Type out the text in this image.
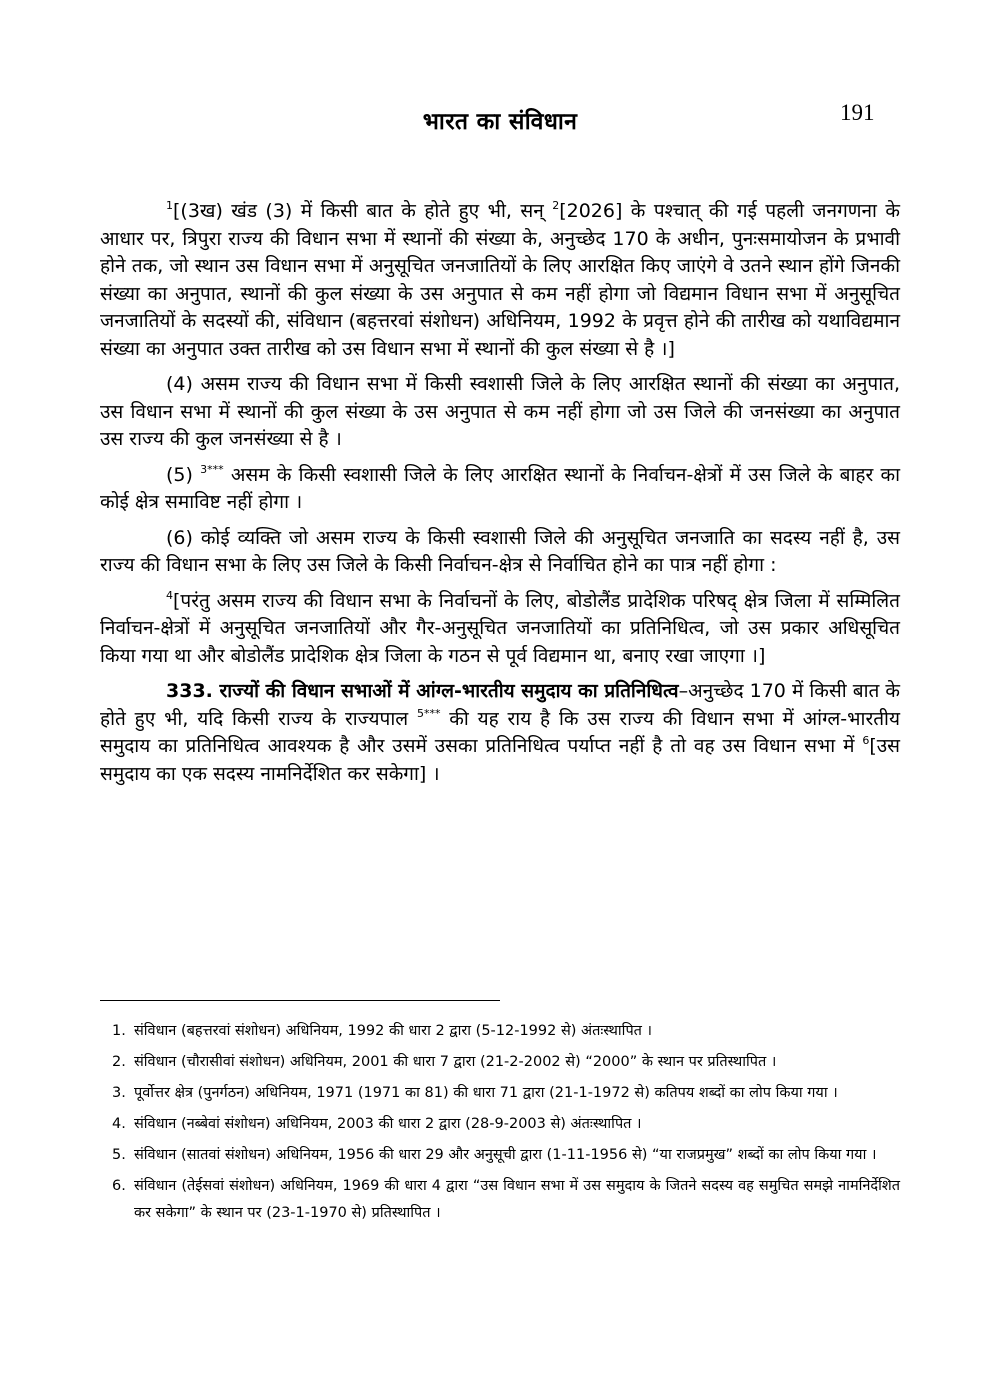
भारत का संविधान	191

$^1$[(3ख) खंड (3) में किसी बात के होते हुए भी, सन् $^2$[2026] के पश्चात् की गई पहली जनगणना के आधार पर, त्रिपुरा राज्य की विधान सभा में स्थानों की संख्या के, अनुच्छेद 170 के अधीन, पुनःसमायोजन के प्रभावी होने तक, जो स्थान उस विधान सभा में अनुसूचित जनजातियों के लिए आरक्षित किए जाएंगे वे उतने स्थान होंगे जिनकी संख्या का अनुपात, स्थानों की कुल संख्या के उस अनुपात से कम नहीं होगा जो विद्यमान विधान सभा में अनुसूचित जनजातियों के सदस्यों की, संविधान (बहत्तरवां संशोधन) अधिनियम, 1992 के प्रवृत्त होने की तारीख को यथाविद्यमान संख्या का अनुपात उक्त तारीख को उस विधान सभा में स्थानों की कुल संख्या से है ।]

(4) असम राज्य की विधान सभा में किसी स्वशासी जिले के लिए आरक्षित स्थानों की संख्या का अनुपात, उस विधान सभा में स्थानों की कुल संख्या के उस अनुपात से कम नहीं होगा जो उस जिले की जनसंख्या का अनुपात उस राज्य की कुल जनसंख्या से है ।

(5) $^{3***}$ असम के किसी स्वशासी जिले के लिए आरक्षित स्थानों के निर्वाचन-क्षेत्रों में उस जिले के बाहर का कोई क्षेत्र समाविष्ट नहीं होगा ।

(6) कोई व्यक्ति जो असम राज्य के किसी स्वशासी जिले की अनुसूचित जनजाति का सदस्य नहीं है, उस राज्य की विधान सभा के लिए उस जिले के किसी निर्वाचन-क्षेत्र से निर्वाचित होने का पात्र नहीं होगा :

$^4$[परंतु असम राज्य की विधान सभा के निर्वाचनों के लिए, बोडोलैंड प्रादेशिक परिषद् क्षेत्र जिला में सम्मिलित निर्वाचन-क्षेत्रों में अनुसूचित जनजातियों और गैर-अनुसूचित जनजातियों का प्रतिनिधित्व, जो उस प्रकार अधिसूचित किया गया था और बोडोलैंड प्रादेशिक क्षेत्र जिला के गठन से पूर्व विद्यमान था, बनाए रखा जाएगा ।]

333. राज्यों की विधान सभाओं में आंग्ल-भारतीय समुदाय का प्रतिनिधित्व–अनुच्छेद 170 में किसी बात के होते हुए भी, यदि किसी राज्य के राज्यपाल $^{5***}$ की यह राय है कि उस राज्य की विधान सभा में आंग्ल-भारतीय समुदाय का प्रतिनिधित्व आवश्यक है और उसमें उसका प्रतिनिधित्व पर्याप्त नहीं है तो वह उस विधान सभा में $^6$[उस समुदाय का एक सदस्य नामनिर्देशित कर सकेगा] ।

1. संविधान (बहत्तरवां संशोधन) अधिनियम, 1992 की धारा 2 द्वारा (5-12-1992 से) अंतःस्थापित ।
2. संविधान (चौरासीवां संशोधन) अधिनियम, 2001 की धारा 7 द्वारा (21-2-2002 से) “2000” के स्थान पर प्रतिस्थापित ।
3. पूर्वोत्तर क्षेत्र (पुनर्गठन) अधिनियम, 1971 (1971 का 81) की धारा 71 द्वारा (21-1-1972 से) कतिपय शब्दों का लोप किया गया ।
4. संविधान (नब्बेवां संशोधन) अधिनियम, 2003 की धारा 2 द्वारा (28-9-2003 से) अंतःस्थापित ।
5. संविधान (सातवां संशोधन) अधिनियम, 1956 की धारा 29 और अनुसूची द्वारा (1-11-1956 से) “या राजप्रमुख” शब्दों का लोप किया गया ।
6. संविधान (तेईसवां संशोधन) अधिनियम, 1969 की धारा 4 द्वारा “उस विधान सभा में उस समुदाय के जितने सदस्य वह समुचित समझे नामनिर्देशित कर सकेगा” के स्थान पर (23-1-1970 से) प्रतिस्थापित ।
